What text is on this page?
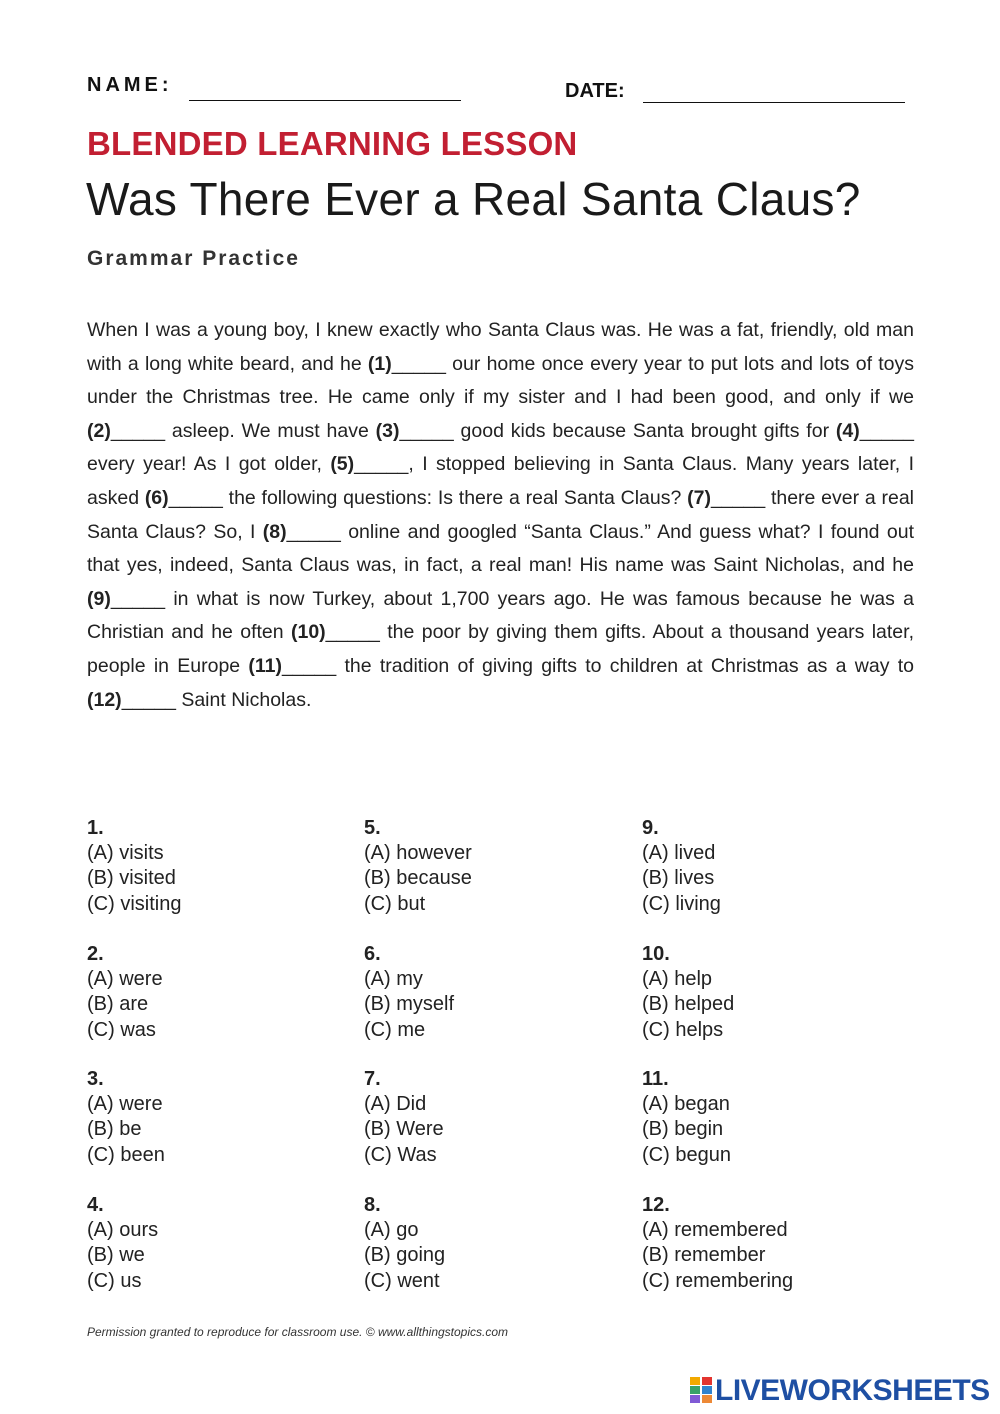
NAME:	DATE:
BLENDED LEARNING LESSON
Was There Ever a Real Santa Claus?
Grammar Practice

When I was a young boy, I knew exactly who Santa Claus was. He was a fat, friendly, old man with a long white beard, and he (1)_____ our home once every year to put lots and lots of toys under the Christmas tree. He came only if my sister and I had been good, and only if we (2)_____ asleep. We must have (3)_____ good kids because Santa brought gifts for (4)_____ every year! As I got older, (5)_____, I stopped believing in Santa Claus. Many years later, I asked (6)_____ the following questions: Is there a real Santa Claus? (7)_____ there ever a real Santa Claus? So, I (8)_____ online and googled “Santa Claus.” And guess what? I found out that yes, indeed, Santa Claus was, in fact, a real man! His name was Saint Nicholas, and he (9)_____ in what is now Turkey, about 1,700 years ago. He was famous because he was a Christian and he often (10)_____ the poor by giving them gifts. About a thousand years later, people in Europe (11)_____ the tradition of giving gifts to children at Christmas as a way to (12)_____ Saint Nicholas.

1.
(A) visits
(B) visited
(C) visiting
2.
(A) were
(B) are
(C) was
3.
(A) were
(B) be
(C) been
4.
(A) ours
(B) we
(C) us
5.
(A) however
(B) because
(C) but
6.
(A) my
(B) myself
(C) me
7.
(A) Did
(B) Were
(C) Was
8.
(A) go
(B) going
(C) went
9.
(A) lived
(B) lives
(C) living
10.
(A) help
(B) helped
(C) helps
11.
(A) began
(B) begin
(C) begun
12.
(A) remembered
(B) remember
(C) remembering
Permission granted to reproduce for classroom use. © www.allthingstopics.com
LIVEWORKSHEETS
